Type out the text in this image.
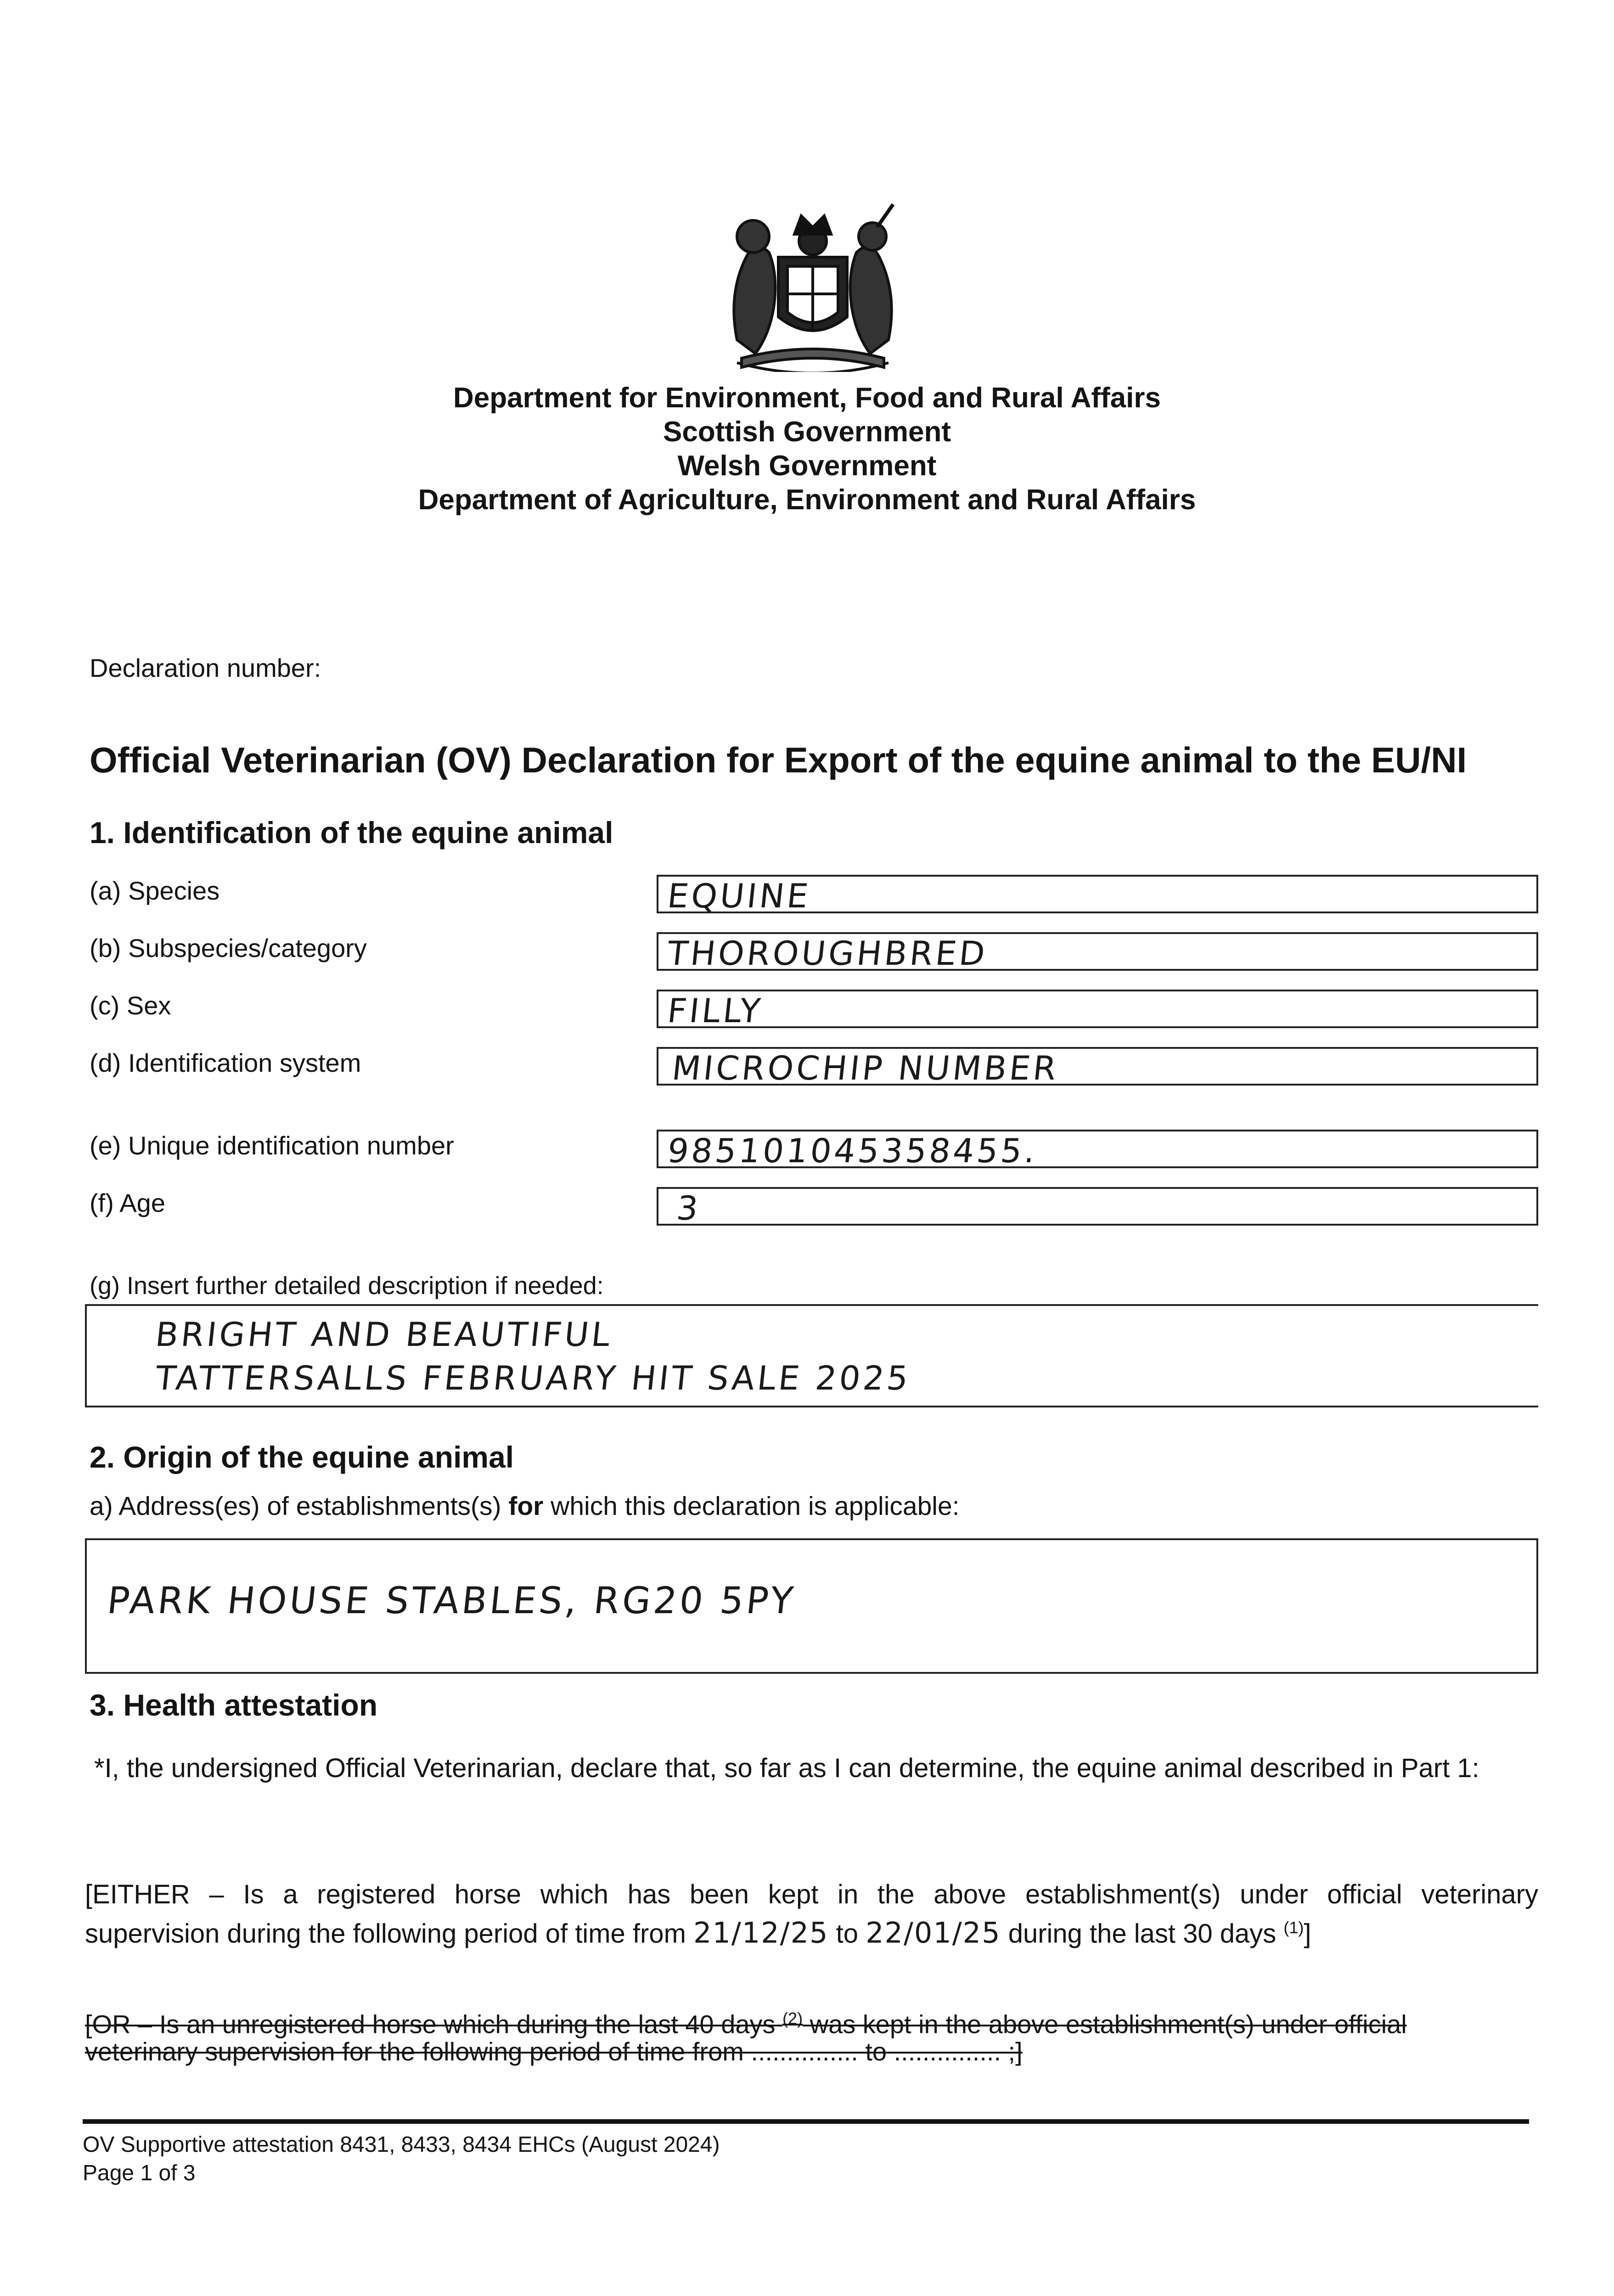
Department for Environment, Food and Rural Affairs
Scottish Government
Welsh Government
Department of Agriculture, Environment and Rural Affairs
Declaration number:
Official Veterinarian (OV) Declaration for Export of the equine animal to the EU/NI
1. Identification of the equine animal
(a) Species	EQUINE
(b) Subspecies/category	THOROUGHBRED
(c) Sex	FILLY
(d) Identification system	MICROCHIP NUMBER
(e) Unique identification number	985101045358455.
(f) Age	3
(g) Insert further detailed description if needed:
BRIGHT AND BEAUTIFUL
TATTERSALLS FEBRUARY HIT SALE 2025
2. Origin of the equine animal
a) Address(es) of establishments(s) for which this declaration is applicable:
PARK HOUSE STABLES, RG20 5PY
3. Health attestation
*I, the undersigned Official Veterinarian, declare that, so far as I can determine, the equine animal described in Part 1:
[EITHER – Is a registered horse which has been kept in the above establishment(s) under official veterinary
supervision during the following period of time from 21/12/25 to 22/01/25 during the last 30 days $^{(1)}$]
[OR – Is an unregistered horse which during the last 40 days $^{(2)}$ was kept in the above establishment(s) under official
veterinary supervision for the following period of time from ............... to ............... ;]
OV Supportive attestation 8431, 8433, 8434 EHCs (August 2024)
Page 1 of 3
